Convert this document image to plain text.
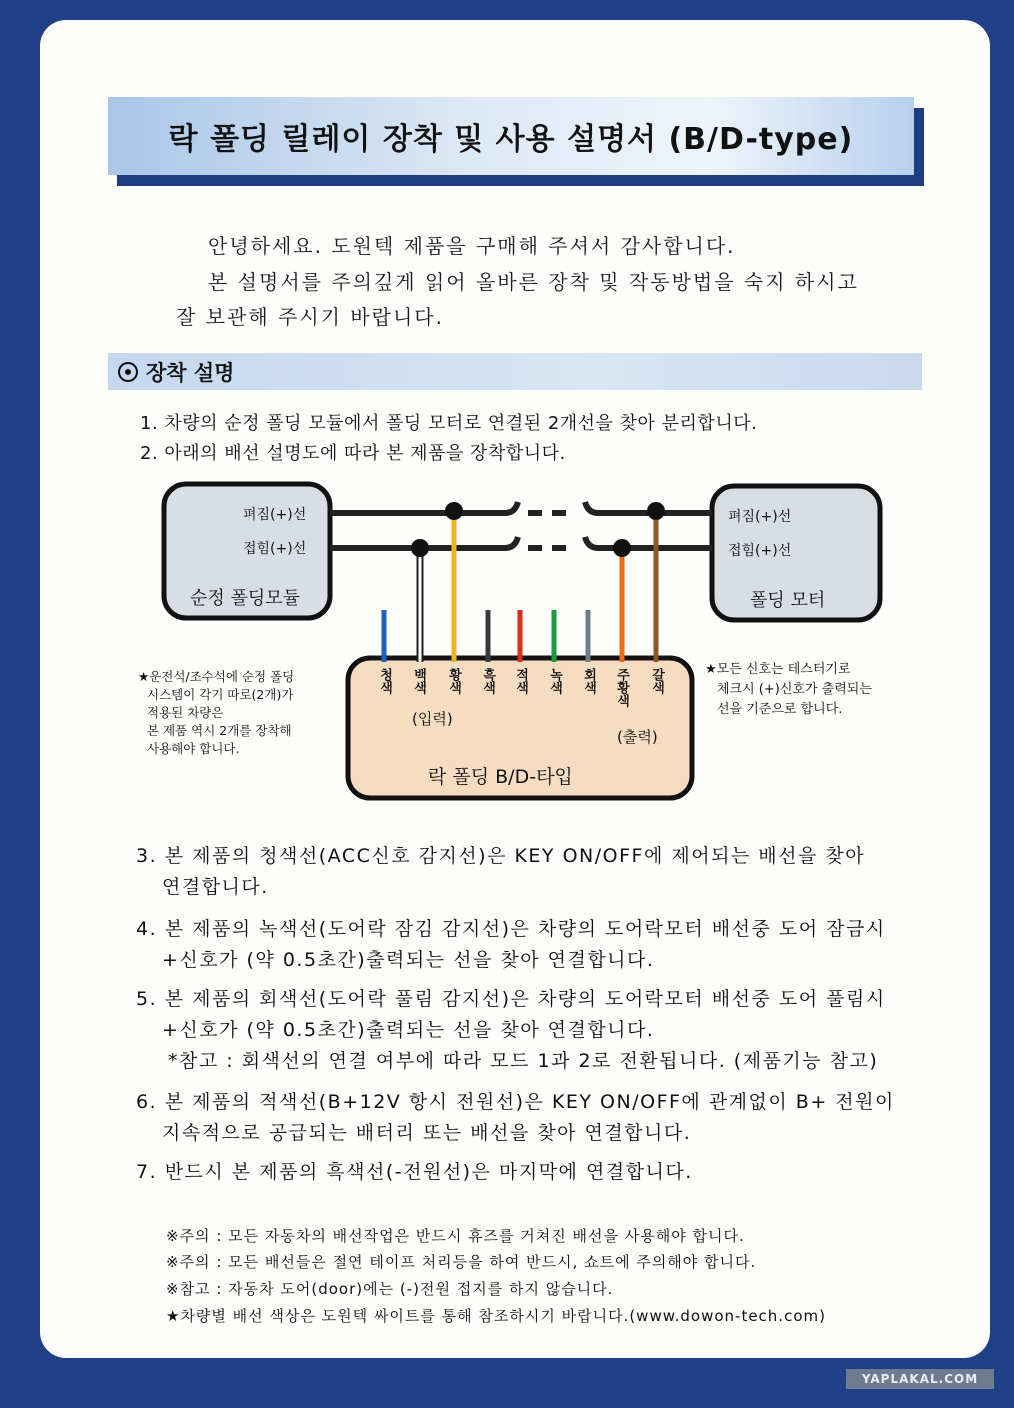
락 폴딩 릴레이 장착 및 사용 설명서 (B/D-type)
안녕하세요. 도원텍 제품을 구매해 주셔서 감사합니다.
본 설명서를 주의깊게 읽어 올바른 장착 및 작동방법을 숙지 하시고
잘 보관해 주시기 바랍니다.
장착 설명
1. 차량의 순정 폴딩 모듈에서 폴딩 모터로 연결된 2개선을 찾아 분리합니다.
2. 아래의 배선 설명도에 따라 본 제품을 장착합니다.
펴짐(+)선
접힘(+)선
순정 폴딩모듈
펴짐(+)선
접힘(+)선
폴딩 모터
청색 백색 황색 흑색 적색 녹색 회색 주황색 갈색
(입력)
(출력)
락 폴딩 B/D-타입
★운전석/조수석에 순정 폴딩
시스템이 각기 따로(2개)가
적용된 차량은
본 제품 역시 2개를 장착해
사용해야 합니다.
★모든 신호는 테스터기로
체크시 (+)신호가 출력되는
선을 기준으로 합니다.
3. 본 제품의 청색선(ACC신호 감지선)은 KEY ON/OFF에 제어되는 배선을 찾아
연결합니다.
4. 본 제품의 녹색선(도어락 잠김 감지선)은 차량의 도어락모터 배선중 도어 잠금시
+신호가 (약 0.5초간)출력되는 선을 찾아 연결합니다.
5. 본 제품의 회색선(도어락 풀림 감지선)은 차량의 도어락모터 배선중 도어 풀림시
+신호가 (약 0.5초간)출력되는 선을 찾아 연결합니다.
*참고 : 회색선의 연결 여부에 따라 모드 1과 2로 전환됩니다. (제품기능 참고)
6. 본 제품의 적색선(B+12V 항시 전원선)은 KEY ON/OFF에 관계없이 B+ 전원이
지속적으로 공급되는 배터리 또는 배선을 찾아 연결합니다.
7. 반드시 본 제품의 흑색선(-전원선)은 마지막에 연결합니다.
※주의 : 모든 자동차의 배선작업은 반드시 휴즈를 거쳐진 배선을 사용해야 합니다.
※주의 : 모든 배선들은 절연 테이프 처리등을 하여 반드시, 쇼트에 주의해야 합니다.
※참고 : 자동차 도어(door)에는 (-)전원 접지를 하지 않습니다.
★차량별 배선 색상은 도원텍 싸이트를 통해 참조하시기 바랍니다.(www.dowon-tech.com)
YAPLAKAL.COM
